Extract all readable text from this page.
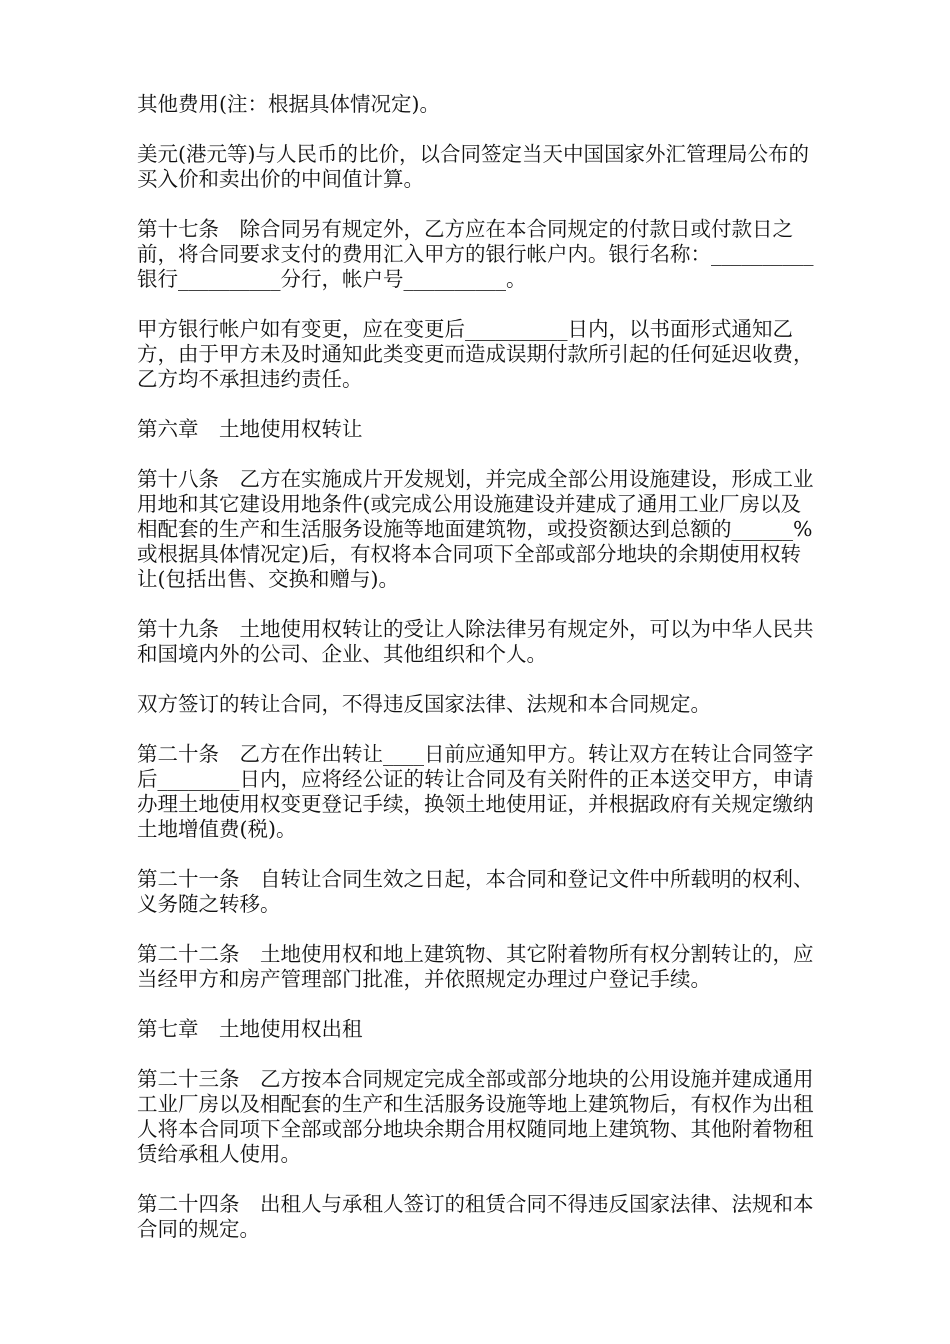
其他费用(注：根据具体情况定)。

美元(港元等)与人民币的比价，以合同签定当天中国国家外汇管理局公布的买入价和卖出价的中间值计算。

第十七条　除合同另有规定外，乙方应在本合同规定的付款日或付款日之前，将合同要求支付的费用汇入甲方的银行帐户内。银行名称：__________银行__________分行，帐户号__________。

甲方银行帐户如有变更，应在变更后__________日内，以书面形式通知乙方，由于甲方未及时通知此类变更而造成误期付款所引起的任何延迟收费，乙方均不承担违约责任。

第六章　土地使用权转让

第十八条　乙方在实施成片开发规划，并完成全部公用设施建设，形成工业用地和其它建设用地条件(或完成公用设施建设并建成了通用工业厂房以及相配套的生产和生活服务设施等地面建筑物，或投资额达到总额的______%或根据具体情况定)后，有权将本合同项下全部或部分地块的余期使用权转让(包括出售、交换和赠与)。

第十九条　土地使用权转让的受让人除法律另有规定外，可以为中华人民共和国境内外的公司、企业、其他组织和个人。

双方签订的转让合同，不得违反国家法律、法规和本合同规定。

第二十条　乙方在作出转让____日前应通知甲方。转让双方在转让合同签字后________日内，应将经公证的转让合同及有关附件的正本送交甲方，申请办理土地使用权变更登记手续，换领土地使用证，并根据政府有关规定缴纳土地增值费(税)。

第二十一条　自转让合同生效之日起，本合同和登记文件中所载明的权利、义务随之转移。

第二十二条　土地使用权和地上建筑物、其它附着物所有权分割转让的，应当经甲方和房产管理部门批准，并依照规定办理过户登记手续。

第七章　土地使用权出租

第二十三条　乙方按本合同规定完成全部或部分地块的公用设施并建成通用工业厂房以及相配套的生产和生活服务设施等地上建筑物后，有权作为出租人将本合同项下全部或部分地块余期合用权随同地上建筑物、其他附着物租赁给承租人使用。

第二十四条　出租人与承租人签订的租赁合同不得违反国家法律、法规和本合同的规定。
